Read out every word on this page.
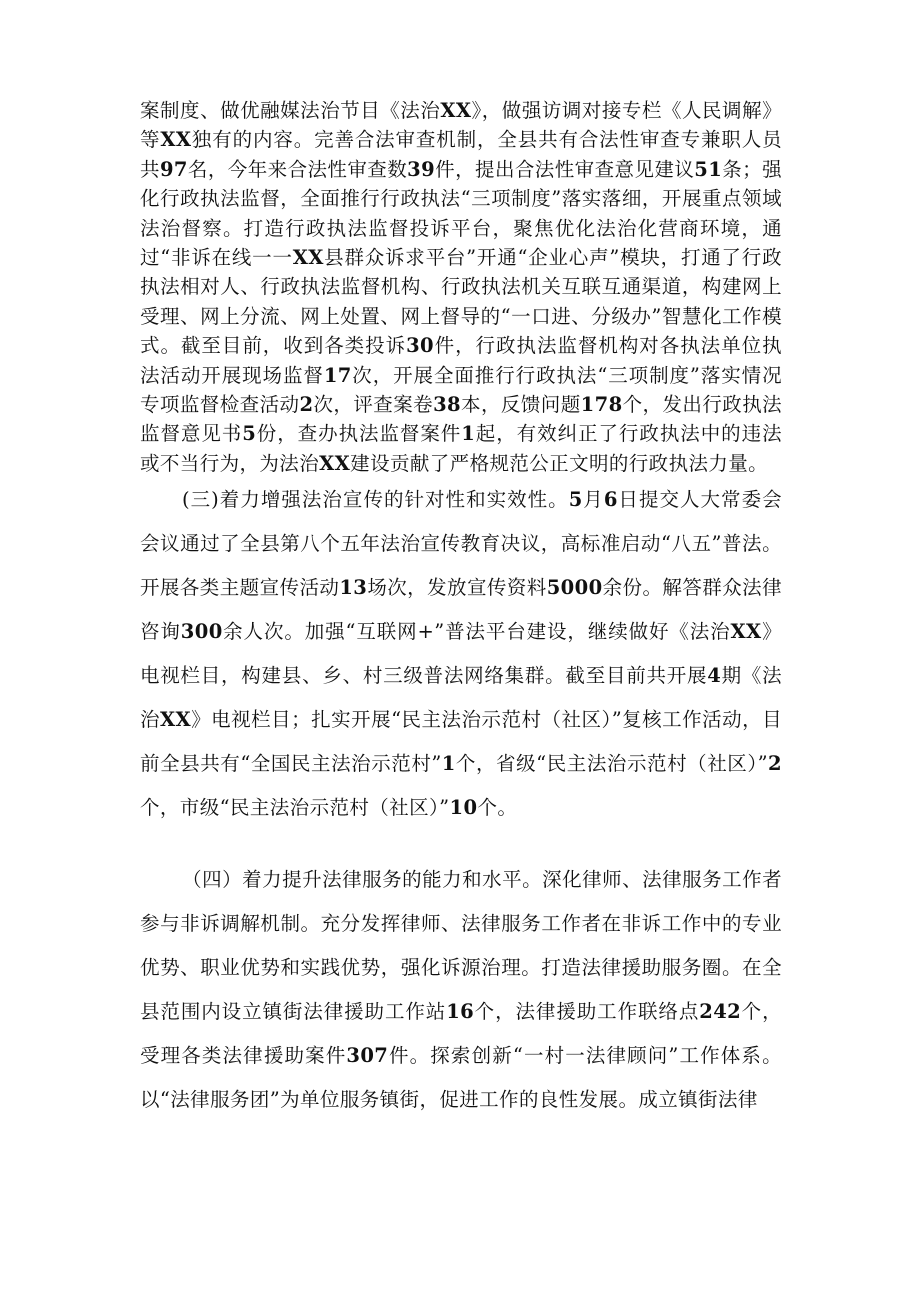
案制度、做优融媒法治节目《法治XX》，做强访调对接专栏《人民调解》等XX独有的内容。完善合法审查机制，全县共有合法性审查专兼职人员共97名，今年来合法性审查数39件，提出合法性审查意见建议51条；强化行政执法监督，全面推行行政执法“三项制度”落实落细，开展重点领域法治督察。打造行政执法监督投诉平台，聚焦优化法治化营商环境，通过“非诉在线一一XX县群众诉求平台”开通“企业心声”模块，打通了行政执法相对人、行政执法监督机构、行政执法机关互联互通渠道，构建网上受理、网上分流、网上处置、网上督导的“一口进、分级办”智慧化工作模式。截至目前，收到各类投诉30件，行政执法监督机构对各执法单位执法活动开展现场监督17次，开展全面推行行政执法“三项制度”落实情况专项监督检查活动2次，评查案卷38本，反馈问题178个，发出行政执法监督意见书5份，查办执法监督案件1起，有效纠正了行政执法中的违法或不当行为，为法治XX建设贡献了严格规范公正文明的行政执法力量。

(三)着力增强法治宣传的针对性和实效性。5月6日提交人大常委会会议通过了全县第八个五年法治宣传教育决议，高标准启动“八五”普法。开展各类主题宣传活动13场次，发放宣传资料5000余份。解答群众法律咨询300余人次。加强“互联网+”普法平台建设，继续做好《法治XX》电视栏目，构建县、乡、村三级普法网络集群。截至目前共开展4期《法治XX》电视栏目；扎实开展“民主法治示范村（社区）”复核工作活动，目前全县共有“全国民主法治示范村”1个，省级“民主法治示范村（社区）”2个，市级“民主法治示范村（社区）”10个。

（四）着力提升法律服务的能力和水平。深化律师、法律服务工作者参与非诉调解机制。充分发挥律师、法律服务工作者在非诉工作中的专业优势、职业优势和实践优势，强化诉源治理。打造法律援助服务圈。在全县范围内设立镇街法律援助工作站16个，法律援助工作联络点242个，受理各类法律援助案件307件。探索创新“一村一法律顾问”工作体系。以“法律服务团”为单位服务镇街，促进工作的良性发展。成立镇街法律
